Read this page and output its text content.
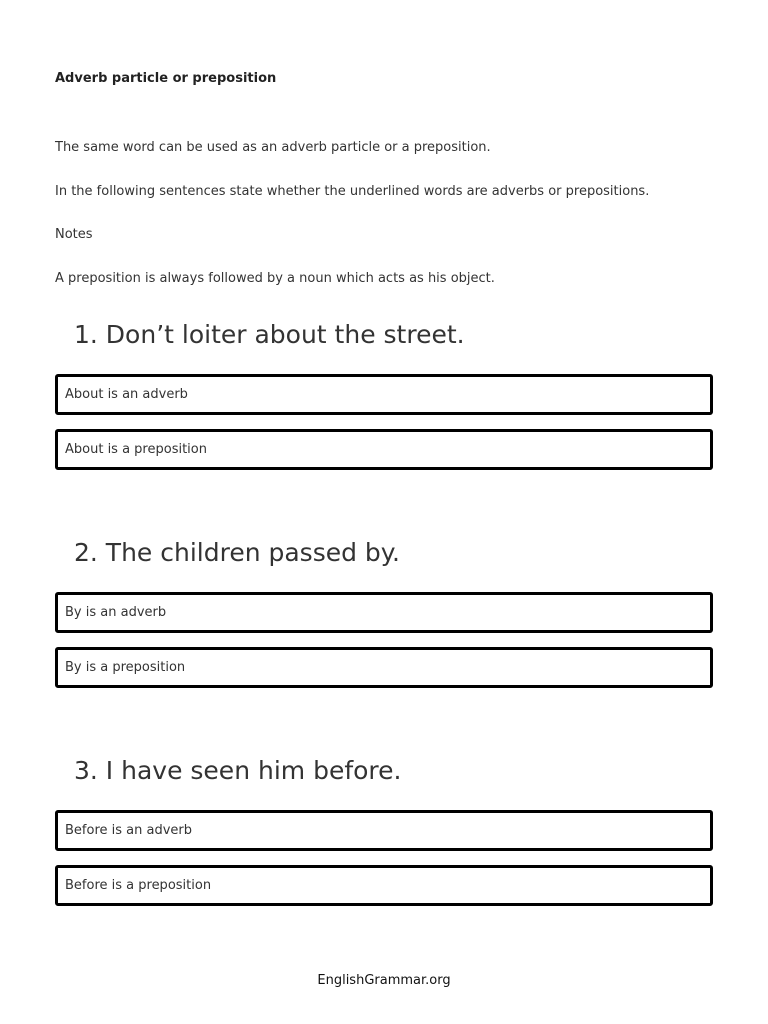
Adverb particle or preposition

The same word can be used as an adverb particle or a preposition.

In the following sentences state whether the underlined words are adverbs or prepositions.

Notes

A preposition is always followed by a noun which acts as his object.

1. Don’t loiter about the street.
About is an adverb
About is a preposition
2. The children passed by.
By is an adverb
By is a preposition
3. I have seen him before.
Before is an adverb
Before is a preposition
EnglishGrammar.org
